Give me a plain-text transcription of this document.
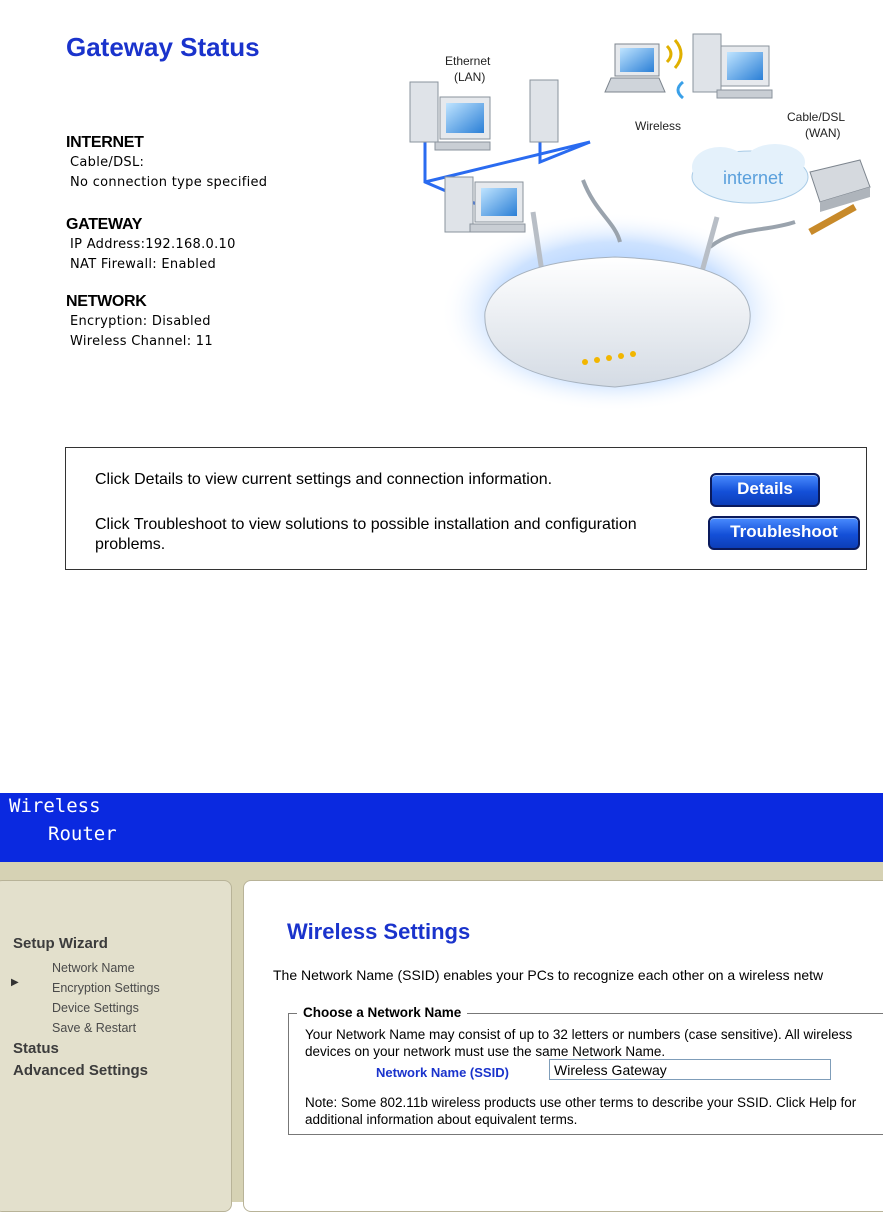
Gateway Status
INTERNET
Cable/DSL:
No connection type specified
GATEWAY
IP Address:192.168.0.10
NAT Firewall: Enabled
NETWORK
Encryption: Disabled
Wireless Channel: 11
Ethernet
(LAN)
Wireless
Cable/DSL
(WAN)
internet
Click Details to view current settings and connection information.
Click Troubleshoot to view solutions to possible installation and configuration problems.
Details
Troubleshoot
Wireless
Router
Setup Wizard
▶
Network Name
Encryption Settings
Device Settings
Save & Restart
Status
Advanced Settings
Wireless Settings
The Network Name (SSID) enables your PCs to recognize each other on a wireless netw
Choose a Network Name
Your Network Name may consist of up to 32 letters or numbers (case sensitive). All wireless devices on your network must use the same Network Name.
Network Name (SSID)
Wireless Gateway
Note: Some 802.11b wireless products use other terms to describe your SSID. Click Help for additional information about equivalent terms.
